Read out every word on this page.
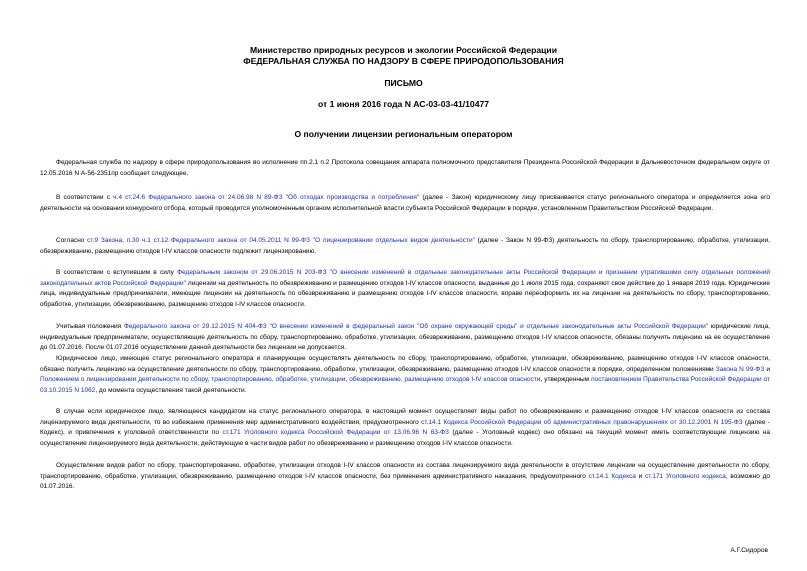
Министерство природных ресурсов и экологии Российской Федерации
ФЕДЕРАЛЬНАЯ СЛУЖБА ПО НАДЗОРУ В СФЕРЕ ПРИРОДОПОЛЬЗОВАНИЯ
ПИСЬМО
от 1 июня 2016 года N АС-03-03-41/10477
О получении лицензии региональным оператором

Федеральная служба по надзору в сфере природопользования во исполнение пп.2.1 п.2 Протокола совещания аппарата полномочного представителя Президента Российской Федерации в Дальневосточном федеральном округе от 12.05.2016 N А-56-2351пр сообщает следующее.

В соответствии с ч.4 ст.24.6 Федерального закона от 24.06.98 N 89-ФЗ "Об отходах производства и потребления" (далее - Закон) юридическому лицу присваивается статус регионального оператора и определяется зона его деятельности на основании конкурсного отбора, который проводится уполномоченным органом исполнительной власти субъекта Российской Федерации в порядке, установленном Правительством Российской Федерации.

Согласно ст.9 Закона, п.30 ч.1 ст.12 Федерального закона от 04.05.2011 N 99-ФЗ "О лицензировании отдельных видов деятельности" (далее - Закон N 99-ФЗ) деятельность по сбору, транспортированию, обработке, утилизации, обезвреживанию, размещению отходов I-IV классов опасности подлежит лицензированию.

В соответствии с вступившим в силу Федеральным законом от 29.06.2015 N 203-ФЗ "О внесении изменений в отдельные законодательные акты Российской Федерации и признании утратившими силу отдельных положений законодательных актов Российской Федерации" лицензии на деятельность по обезвреживанию и размещению отходов I-IV классов опасности, выданные до 1 июля 2015 года, сохраняют свое действие до 1 января 2019 года. Юридические лица, индивидуальные предприниматели, имеющие лицензии на деятельность по обезвреживанию и размещению отходов I-IV классов опасности, вправе переоформить их на лицензии на деятельность по сбору, транспортированию, обработке, утилизации, обезвреживанию, размещению отходов I-IV классов опасности.

Учитывая положения Федерального закона от 29.12.2015 N 404-ФЗ "О внесении изменений в федеральный закон "Об охране окружающей среды" и отдельные законодательные акты Российской Федерации" юридические лица, индивидуальные предприниматели, осуществляющие деятельность по сбору, транспортированию, обработке, утилизации, обезвреживанию, размещению отходов I-IV классов опасности, обязаны получить лицензию на ее осуществление до 01.07.2016. После 01.07.2016 осуществление данной деятельности без лицензии не допускается.

Юридическое лицо, имеющее статус регионального оператора и планирующее осуществлять деятельность по сбору, транспортированию, обработке, утилизации, обезвреживанию, размещению отходов I-IV классов опасности, обязано получить лицензию на осуществление деятельности по сбору, транспортированию, обработке, утилизации, обезвреживанию, размещению отходов I-IV классов опасности в порядке, определенном положениями Закона N 99-ФЗ и Положением о лицензировании деятельности по сбору, транспортированию, обработке, утилизации, обезвреживанию, размещению отходов I-IV классов опасности, утвержденным постановлением Правительства Российской Федерации от 03.10.2015 N 1062, до момента осуществления такой деятельности.

В случае если юридическое лицо, являющееся кандидатом на статус регионального оператора, в настоящий момент осуществляет виды работ по обезвреживанию и размещению отходов I-IV классов опасности из состава лицензируемого вида деятельности, то во избежание применения мер административного воздействия, предусмотренного ст.14.1 Кодекса Российской Федерации об административных правонарушениях от 30.12.2001 N 195-ФЗ (далее - Кодекс), и привлечения к уголовной ответственности по ст.171 Уголовного кодекса Российской Федерации от 13.06.96 N 63-ФЗ (далее - Уголовный кодекс) оно обязано на текущий момент иметь соответствующие лицензию на осуществление лицензируемого вида деятельности, действующую в части видов работ по обезвреживанию и размещению отходов I-IV классов опасности.

Осуществление видов работ по сбору, транспортированию, обработке, утилизации отходов I-IV классов опасности из состава лицензируемого вида деятельности в отсутствие лицензии на осуществление деятельности по сбору, транспортированию, обработке, утилизации, обезвреживанию, размещению отходов I-IV классов опасности, без применения административного наказания, предусмотренного ст.14.1 Кодекса и ст.171 Уголовного кодекса, возможно до 01.07.2016.

А.Г.Сидоров
